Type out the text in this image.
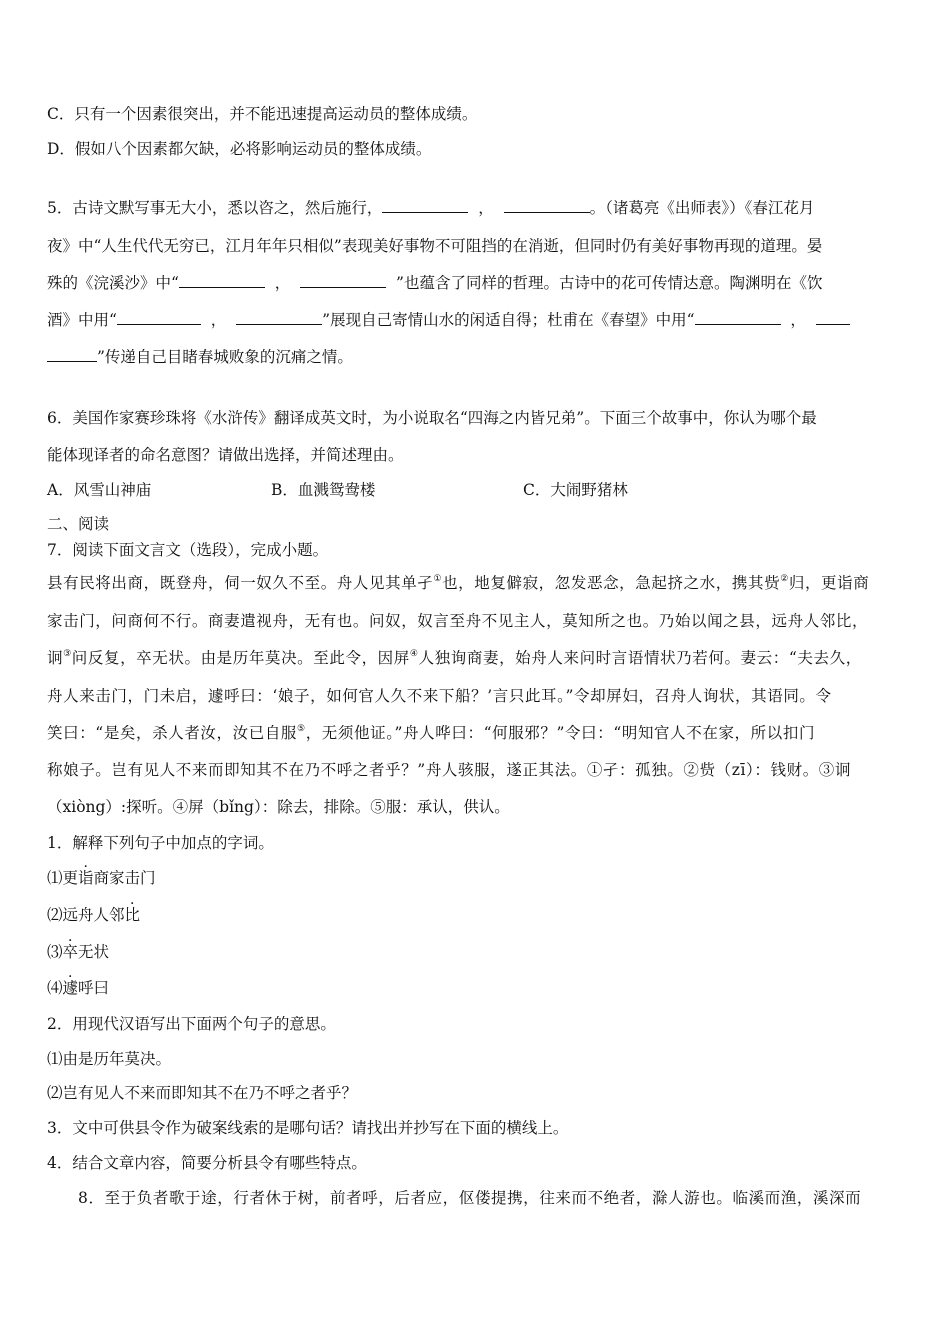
C．只有一个因素很突出，并不能迅速提高运动员的整体成绩。
D．假如八个因素都欠缺，必将影响运动员的整体成绩。
5．古诗文默写事无大小，悉以咨之，然后施行，	，	。（诸葛亮《出师表》）《春江花月
夜》中“人生代代无穷已，江月年年只相似”表现美好事物不可阻挡的在消逝，但同时仍有美好事物再现的道理。晏
殊的《浣溪沙》中“	，	”也蕴含了同样的哲理。古诗中的花可传情达意。陶渊明在《饮
酒》中用“	，	”展现自己寄情山水的闲适自得；杜甫在《春望》中用“	，
”传递自己目睹春城败象的沉痛之情。
6．美国作家赛珍珠将《水浒传》翻译成英文时，为小说取名“四海之内皆兄弟”。下面三个故事中，你认为哪个最
能体现译者的命名意图？请做出选择，并简述理由。
A．风雪山神庙	B．血溅鸳鸯楼	C．大闹野猪林
二、阅读
7．阅读下面文言文（选段），完成小题。
县有民将出商，既登舟，伺一奴久不至。舟人见其单孑①也，地复僻寂，忽发恶念，急起挤之水，携其赀②归，更诣商
家击门，问商何不行。商妻遣视舟，无有也。问奴，奴言至舟不见主人，莫知所之也。乃始以闻之县，远舟人邻比，
诇③问反复，卒无状。由是历年莫决。至此令，因屏④人独询商妻，始舟人来问时言语情状乃若何。妻云：“夫去久，
舟人来击门，门未启，遽呼曰：‘娘子，如何官人久不来下船？’言只此耳。”令却屏妇，召舟人询状，其语同。令
笑曰：“是矣，杀人者汝，汝已自服⑤，无须他证。”舟人哗曰：“何服邪？”令曰：“明知官人不在家，所以扣门
称娘子。岂有见人不来而即知其不在乃不呼之者乎？”舟人骇服，遂正其法。①孑：孤独。②赀（zī）：钱财。③诇
（xiòng）:探听。④屏（bǐng）：除去，排除。⑤服：承认，供认。
1．解释下列句子中加点的字词。
⑴更诣商家击门
⑵远舟人邻比
⑶卒无状
⑷遽呼曰
2．用现代汉语写出下面两个句子的意思。
⑴由是历年莫决。
⑵岂有见人不来而即知其不在乃不呼之者乎？
3．文中可供县令作为破案线索的是哪句话？请找出并抄写在下面的横线上。
4．结合文章内容，简要分析县令有哪些特点。
8．至于负者歌于途，行者休于树，前者呼，后者应，伛偻提携，往来而不绝者，滁人游也。临溪而渔，溪深而
